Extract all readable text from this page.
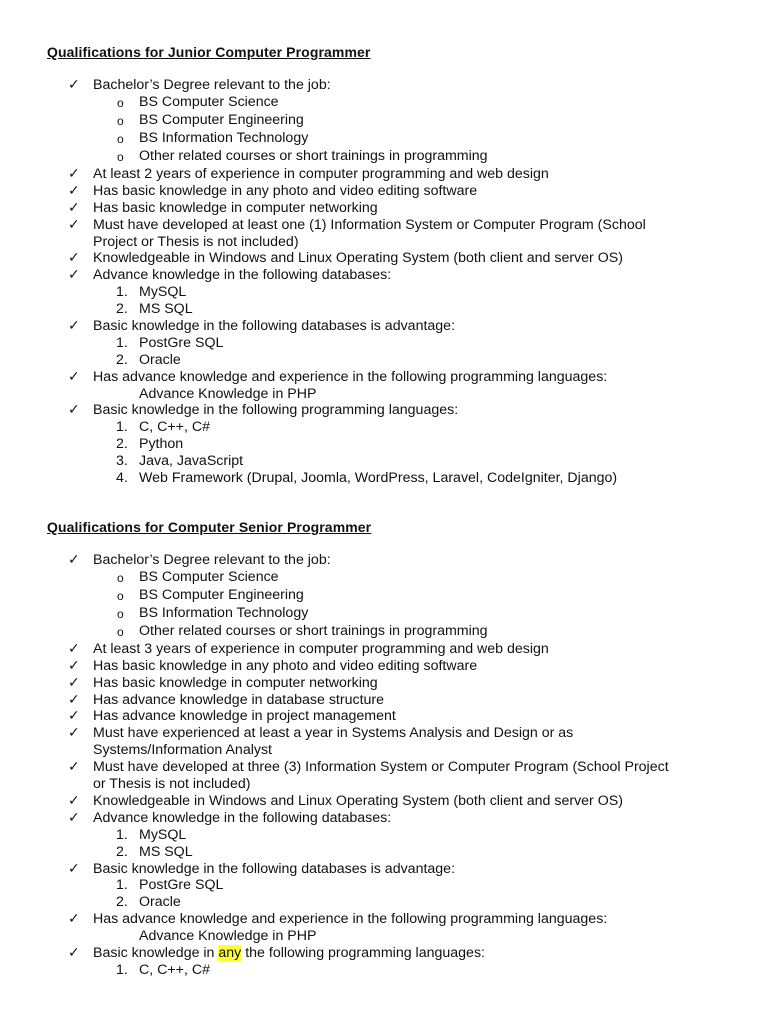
Qualifications for Junior Computer Programmer
✓ Bachelor’s Degree relevant to the job:
o BS Computer Science
o BS Computer Engineering
o BS Information Technology
o Other related courses or short trainings in programming
✓ At least 2 years of experience in computer programming and web design
✓ Has basic knowledge in any photo and video editing software
✓ Has basic knowledge in computer networking
✓ Must have developed at least one (1) Information System or Computer Program (School
Project or Thesis is not included)
✓ Knowledgeable in Windows and Linux Operating System (both client and server OS)
✓ Advance knowledge in the following databases:
1. MySQL
2. MS SQL
✓ Basic knowledge in the following databases is advantage:
1. PostGre SQL
2. Oracle
✓ Has advance knowledge and experience in the following programming languages:
Advance Knowledge in PHP
✓ Basic knowledge in the following programming languages:
1. C, C++, C#
2. Python
3. Java, JavaScript
4. Web Framework (Drupal, Joomla, WordPress, Laravel, CodeIgniter, Django)
Qualifications for Computer Senior Programmer
✓ Bachelor’s Degree relevant to the job:
o BS Computer Science
o BS Computer Engineering
o BS Information Technology
o Other related courses or short trainings in programming
✓ At least 3 years of experience in computer programming and web design
✓ Has basic knowledge in any photo and video editing software
✓ Has basic knowledge in computer networking
✓ Has advance knowledge in database structure
✓ Has advance knowledge in project management
✓ Must have experienced at least a year in Systems Analysis and Design or as
Systems/Information Analyst
✓ Must have developed at three (3) Information System or Computer Program (School Project
or Thesis is not included)
✓ Knowledgeable in Windows and Linux Operating System (both client and server OS)
✓ Advance knowledge in the following databases:
1. MySQL
2. MS SQL
✓ Basic knowledge in the following databases is advantage:
1. PostGre SQL
2. Oracle
✓ Has advance knowledge and experience in the following programming languages:
Advance Knowledge in PHP
✓ Basic knowledge in any the following programming languages:
1. C, C++, C#
